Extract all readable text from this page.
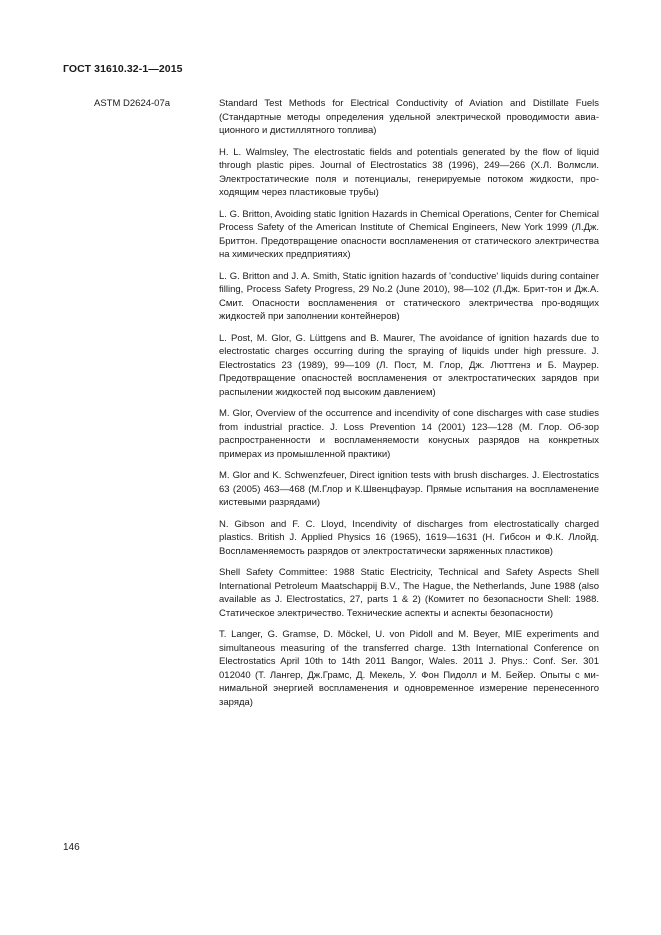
ГОСТ 31610.32-1—2015
ASTM D2624-07a	Standard Test Methods for Electrical Conductivity of Aviation and Distillate Fuels (Стандартные методы определения удельной электрической проводимости авиа-ционного и дистиллятного топлива)
H. L. Walmsley, The electrostatic fields and potentials generated by the flow of liquid through plastic pipes. Journal of Electrostatics 38 (1996), 249—266 (Х.Л. Волмсли. Электростатические поля и потенциалы, генерируемые потоком жидкости, про-ходящим через пластиковые трубы)
L. G. Britton, Avoiding static Ignition Hazards in Chemical Operations, Center for Chemical Process Safety of the American Institute of Chemical Engineers, New York 1999 (Л.Дж. Бриттон. Предотвращение опасности воспламенения от статического электричества на химических предприятиях)
L. G. Britton and J. A. Smith, Static ignition hazards of 'conductive' liquids during container filling, Process Safety Progress, 29 No.2 (June 2010), 98—102 (Л.Дж. Брит-тон и Дж.А. Смит. Опасности воспламенения от статического электричества про-водящих жидкостей при заполнении контейнеров)
L. Post, M. Glor, G. Lüttgens and B. Maurer, The avoidance of ignition hazards due to electrostatic charges occurring during the spraying of liquids under high pressure. J. Electrostatics 23 (1989), 99—109 (Л. Пост, М. Глор, Дж. Люттгенз и Б. Маурер. Предотвращение опасностей воспламенения от электростатических зарядов при распылении жидкостей под высоким давлением)
M. Glor, Overview of the occurrence and incendivity of cone discharges with case studies from industrial practice. J. Loss Prevention 14 (2001) 123—128 (М. Глор. Об-зор распространенности и воспламеняемости конусных разрядов на конкретных примерах из промышленной практики)
M. Glor and K. Schwenzfeuer, Direct ignition tests with brush discharges. J. Electrostatics 63 (2005) 463—468 (М.Глор и К.Швенцфауэр. Прямые испытания на воспламенение кистевыми разрядами)
N. Gibson and F. C. Lloyd, Incendivity of discharges from electrostatically charged plastics. British J. Applied Physics 16 (1965), 1619—1631 (Н. Гибсон и Ф.К. Ллойд. Воспламеняемость разрядов от электростатически заряженных пластиков)
Shell Safety Committee: 1988 Static Electricity, Technical and Safety Aspects Shell International Petroleum Maatschappij B.V., The Hague, the Netherlands, June 1988 (also available as J. Electrostatics, 27, parts 1 & 2) (Комитет по безопасности Shell: 1988. Статическое электричество. Технические аспекты и аспекты безопасности)
T. Langer, G. Gramse, D. Möckel, U. von Pidoll and M. Beyer, MIE experiments and simultaneous measuring of the transferred charge. 13th International Conference on Electrostatics April 10th to 14th 2011 Bangor, Wales. 2011 J. Phys.: Conf. Ser. 301 012040 (Т. Лангер, Дж.Грамс, Д. Мекель, У. Фон Пидолл и М. Бейер. Опыты с ми-нимальной энергией воспламенения и одновременное измерение перенесенного заряда)
146
